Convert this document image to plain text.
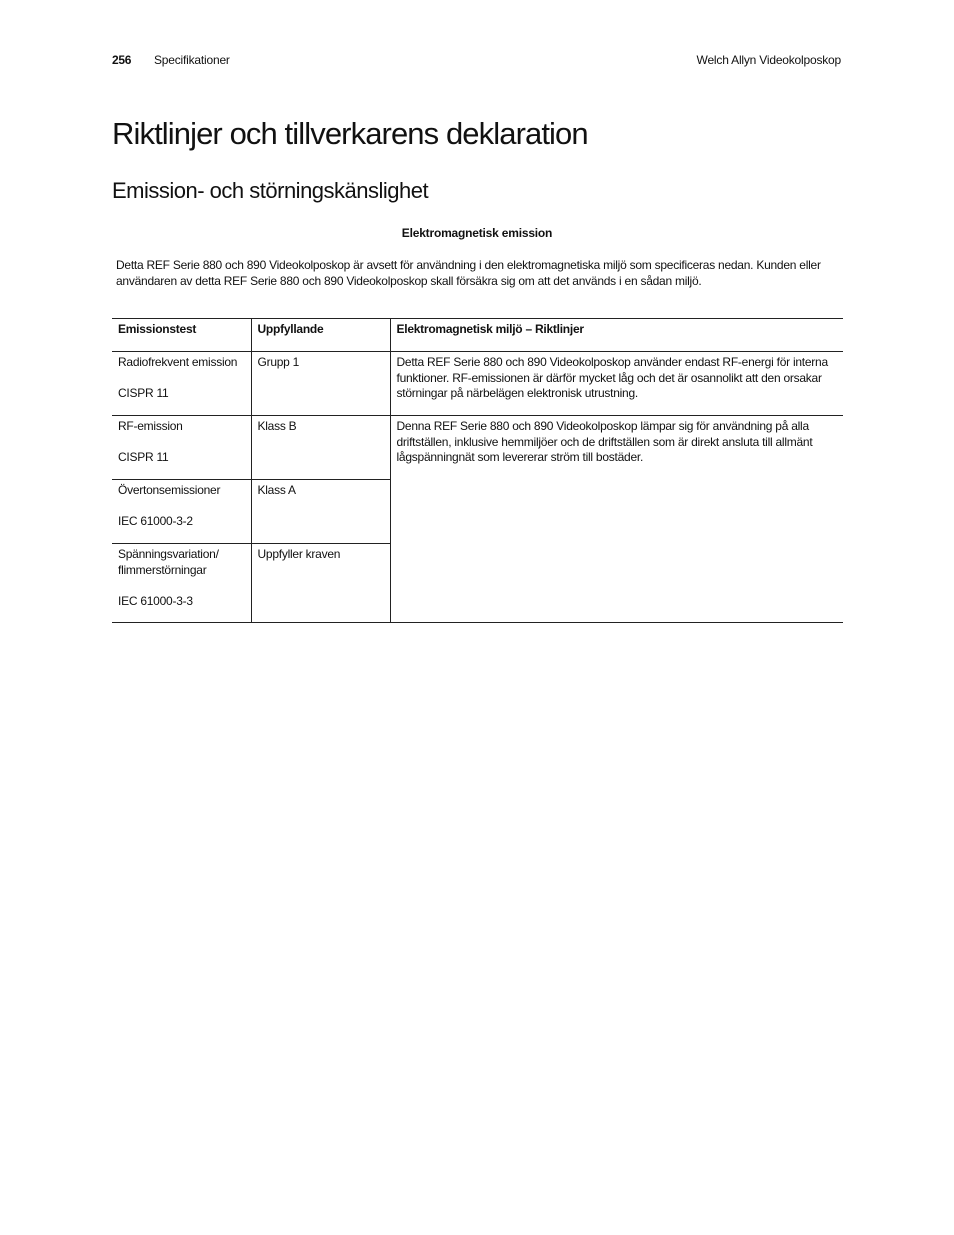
256 Specifikationer	Welch Allyn Videokolposkop
Riktlinjer och tillverkarens deklaration
Emission- och störningskänslighet
Elektromagnetisk emission

Detta REF Serie 880 och 890 Videokolposkop är avsett för användning i den elektromagnetiska miljö som specificeras nedan. Kunden eller användaren av detta REF Serie 880 och 890 Videokolposkop skall försäkra sig om att det används i en sådan miljö.

Emissionstest	Uppfyllande	Elektromagnetisk miljö – Riktlinjer
Radiofrekvent emission
CISPR 11	Grupp 1	Detta REF Serie 880 och 890 Videokolposkop använder endast RF-energi för interna funktioner. RF-emissionen är därför mycket låg och det är osannolikt att den orsakar störningar på närbelägen elektronisk utrustning.
RF-emission
CISPR 11	Klass B	Denna REF Serie 880 och 890 Videokolposkop lämpar sig för användning på alla driftställen, inklusive hemmiljöer och de driftställen som är direkt ansluta till allmänt lågspänningnät som levererar ström till bostäder.
Övertonsemissioner
IEC 61000-3-2	Klass A	
Spänningsvariation/
flimmerstörningar
IEC 61000-3-3	Uppfyller kraven	
